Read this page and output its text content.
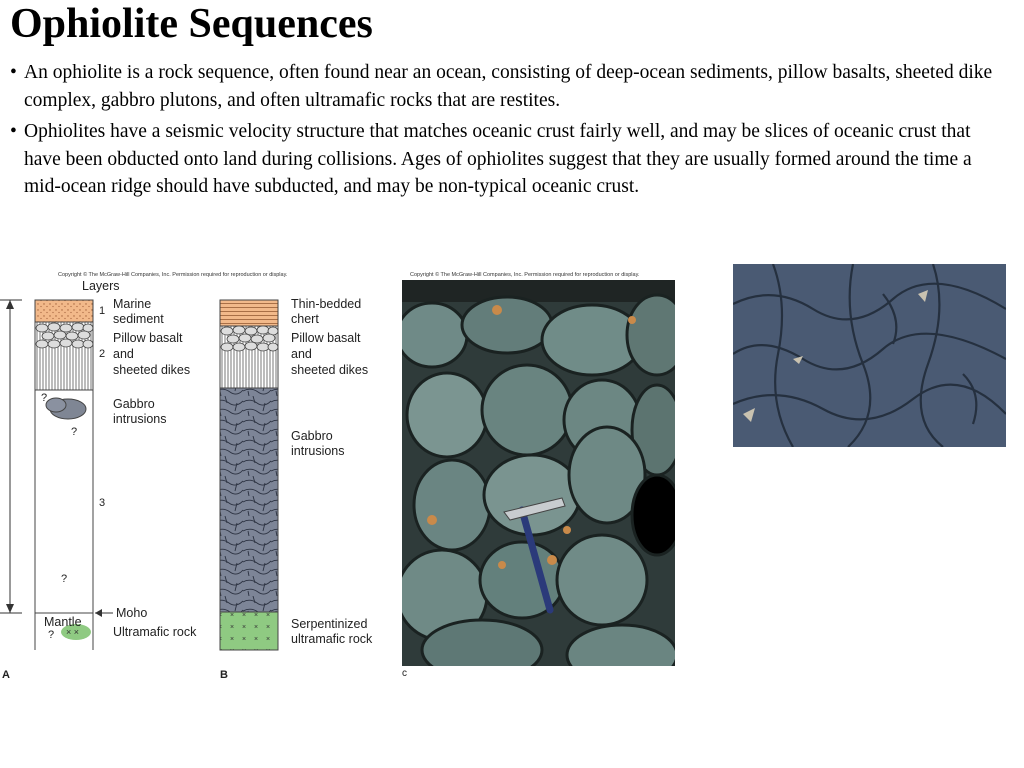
Ophiolite Sequences
• An ophiolite is a rock sequence, often found near an ocean, consisting of deep-ocean sediments, pillow basalts, sheeted dike complex, gabbro plutons, and often ultramafic rocks that are restites.
• Ophiolites have a seismic velocity structure that matches oceanic crust fairly well, and may be slices of oceanic crust that have been obducted onto land during collisions. Ages of ophiolites suggest that they are usually formed around the time a mid-ocean ridge should have subducted, and may be non-typical oceanic crust.
Copyright © The McGraw-Hill Companies, Inc. Permission required for reproduction or display.	Copyright © The McGraw-Hill Companies, Inc. Permission required for reproduction or display.
× ×
Layers
1
2
3
?
?
?
?
Marine
sediment
Pillow basalt
and
sheeted dikes
Gabbro
intrusions
Moho
Mantle
Ultramafic rock
A
Thin-bedded
chert
Pillow basalt
and
sheeted dikes
Gabbro
intrusions
Serpentinized
ultramafic rock
B	c
